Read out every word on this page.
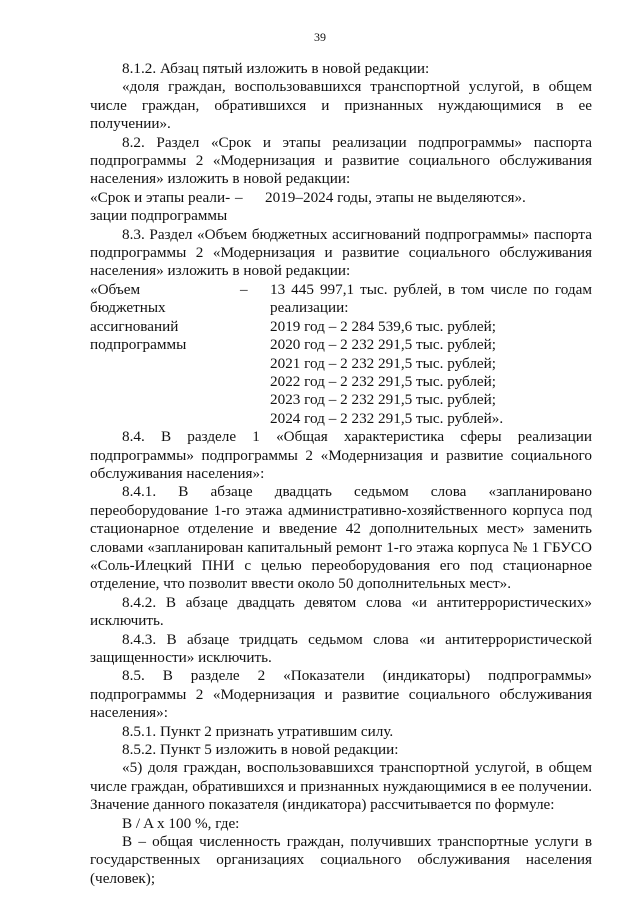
39

8.1.2. Абзац пятый изложить в новой редакции:

«доля граждан, воспользовавшихся транспортной услугой, в общем числе граждан, обратившихся и признанных нуждающимися в ее получении».

8.2. Раздел «Срок и этапы реализации подпрограммы» паспорта подпрограммы 2 «Модернизация и развитие социального обслуживания населения» изложить в новой редакции:

«Срок и этапы реали-
зации подпрограммы
–	2019–2024 годы, этапы не выделяются».

8.3. Раздел «Объем бюджетных ассигнований подпрограммы» паспорта подпрограммы 2 «Модернизация и развитие социального обслуживания населения» изложить в новой редакции:

«Объем
бюджетных
ассигнований
подпрограммы
–	13 445 997,1 тыс. рублей, в том числе по годам реализации:

2019 год – 2 284 539,6 тыс. рублей;
2020 год – 2 232 291,5 тыс. рублей;
2021 год – 2 232 291,5 тыс. рублей;
2022 год – 2 232 291,5 тыс. рублей;
2023 год – 2 232 291,5 тыс. рублей;
2024 год – 2 232 291,5 тыс. рублей».

8.4. В разделе 1 «Общая характеристика сферы реализации подпрограммы» подпрограммы 2 «Модернизация и развитие социального обслуживания населения»:

8.4.1. В абзаце двадцать седьмом слова «запланировано переоборудование 1-го этажа административно-хозяйственного корпуса под стационарное отделение и введение 42 дополнительных мест» заменить словами «запланирован капитальный ремонт 1-го этажа корпуса № 1 ГБУСО «Соль-Илецкий ПНИ с целью переоборудования его под стационарное отделение, что позволит ввести около 50 дополнительных мест».

8.4.2. В абзаце двадцать девятом слова «и антитеррористических» исключить.

8.4.3. В абзаце тридцать седьмом слова «и антитеррористической защищенности» исключить.

8.5. В разделе 2 «Показатели (индикаторы) подпрограммы» подпрограммы 2 «Модернизация и развитие социального обслуживания населения»:

8.5.1. Пункт 2 признать утратившим силу.

8.5.2. Пункт 5 изложить в новой редакции:

«5) доля граждан, воспользовавшихся транспортной услугой, в общем числе граждан, обратившихся и признанных нуждающимися в ее получении. Значение данного показателя (индикатора) рассчитывается по формуле:

B / A x 100 %, где:

B – общая численность граждан, получивших транспортные услуги в государственных организациях социального обслуживания населения (человек);
